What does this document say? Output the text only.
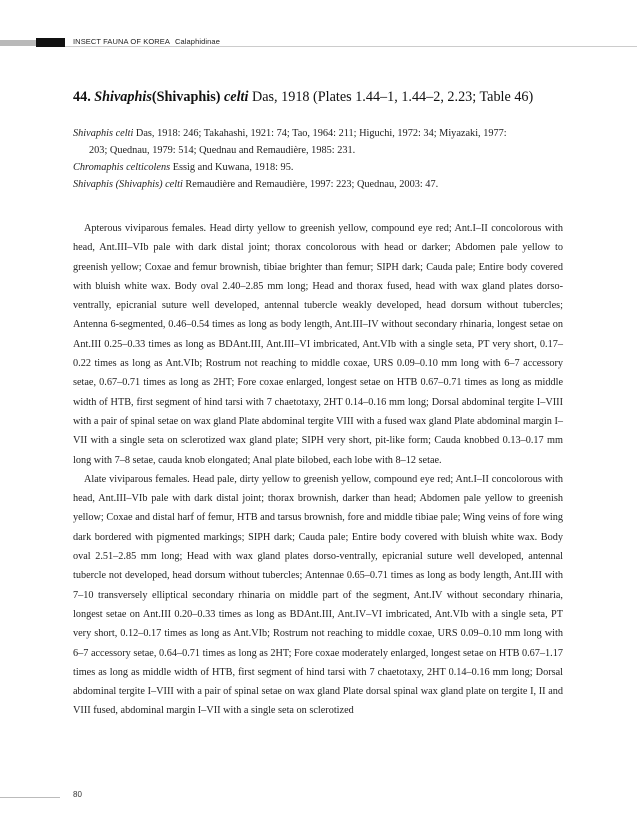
INSECT FAUNA OF KOREA Calaphidinae
44. Shivaphis(Shivaphis) celti Das, 1918 (Plates 1.44–1, 1.44–2, 2.23; Table 46)
Shivaphis celti Das, 1918: 246; Takahashi, 1921: 74; Tao, 1964: 211; Higuchi, 1972: 34; Miyazaki, 1977:
203; Quednau, 1979: 514; Quednau and Remaudière, 1985: 231.
Chromaphis celticolens Essig and Kuwana, 1918: 95.
Shivaphis (Shivaphis) celti Remaudière and Remaudière, 1997: 223; Quednau, 2003: 47.

Apterous viviparous females. Head dirty yellow to greenish yellow, compound eye red; Ant.I–II concolorous with head, Ant.III–VIb pale with dark distal joint; thorax concolorous with head or darker; Abdomen pale yellow to greenish yellow; Coxae and femur brownish, tibiae brighter than femur; SIPH dark; Cauda pale; Entire body covered with bluish white wax. Body oval 2.40–2.85 mm long; Head and thorax fused, head with wax gland plates dorso-ventrally, epicranial suture well developed, antennal tubercle weakly developed, head dorsum without tubercles; Antenna 6-segmented, 0.46–0.54 times as long as body length, Ant.III–IV without secondary rhinaria, longest setae on Ant.III 0.25–0.33 times as long as BDAnt.III, Ant.III–VI imbricated, Ant.VIb with a single seta, PT very short, 0.17–0.22 times as long as Ant.VIb; Rostrum not reaching to middle coxae, URS 0.09–0.10 mm long with 6–7 accessory setae, 0.67–0.71 times as long as 2HT; Fore coxae enlarged, longest setae on HTB 0.67–0.71 times as long as middle width of HTB, first segment of hind tarsi with 7 chaetotaxy, 2HT 0.14–0.16 mm long; Dorsal abdominal tergite I–VIII with a pair of spinal setae on wax gland Plate abdominal tergite VIII with a fused wax gland Plate abdominal margin I–VII with a single seta on sclerotized wax gland plate; SIPH very short, pit-like form; Cauda knobbed 0.13–0.17 mm long with 7–8 setae, cauda knob elongated; Anal plate bilobed, each lobe with 8–12 setae.

Alate viviparous females. Head pale, dirty yellow to greenish yellow, compound eye red; Ant.I–II concolorous with head, Ant.III–VIb pale with dark distal joint; thorax brownish, darker than head; Abdomen pale yellow to greenish yellow; Coxae and distal harf of femur, HTB and tarsus brownish, fore and middle tibiae pale; Wing veins of fore wing dark bordered with pigmented markings; SIPH dark; Cauda pale; Entire body covered with bluish white wax. Body oval 2.51–2.85 mm long; Head with wax gland plates dorso-ventrally, epicranial suture well developed, antennal tubercle not developed, head dorsum without tubercles; Antennae 0.65–0.71 times as long as body length, Ant.III with 7–10 transversely elliptical secondary rhinaria on middle part of the segment, Ant.IV without secondary rhinaria, longest setae on Ant.III 0.20–0.33 times as long as BDAnt.III, Ant.IV–VI imbricated, Ant.VIb with a single seta, PT very short, 0.12–0.17 times as long as Ant.VIb; Rostrum not reaching to middle coxae, URS 0.09–0.10 mm long with 6–7 accessory setae, 0.64–0.71 times as long as 2HT; Fore coxae moderately enlarged, longest setae on HTB 0.67–1.17 times as long as middle width of HTB, first segment of hind tarsi with 7 chaetotaxy, 2HT 0.14–0.16 mm long; Dorsal abdominal tergite I–VIII with a pair of spinal setae on wax gland Plate dorsal spinal wax gland plate on tergite I, II and VIII fused, abdominal margin I–VII with a single seta on sclerotized

80
